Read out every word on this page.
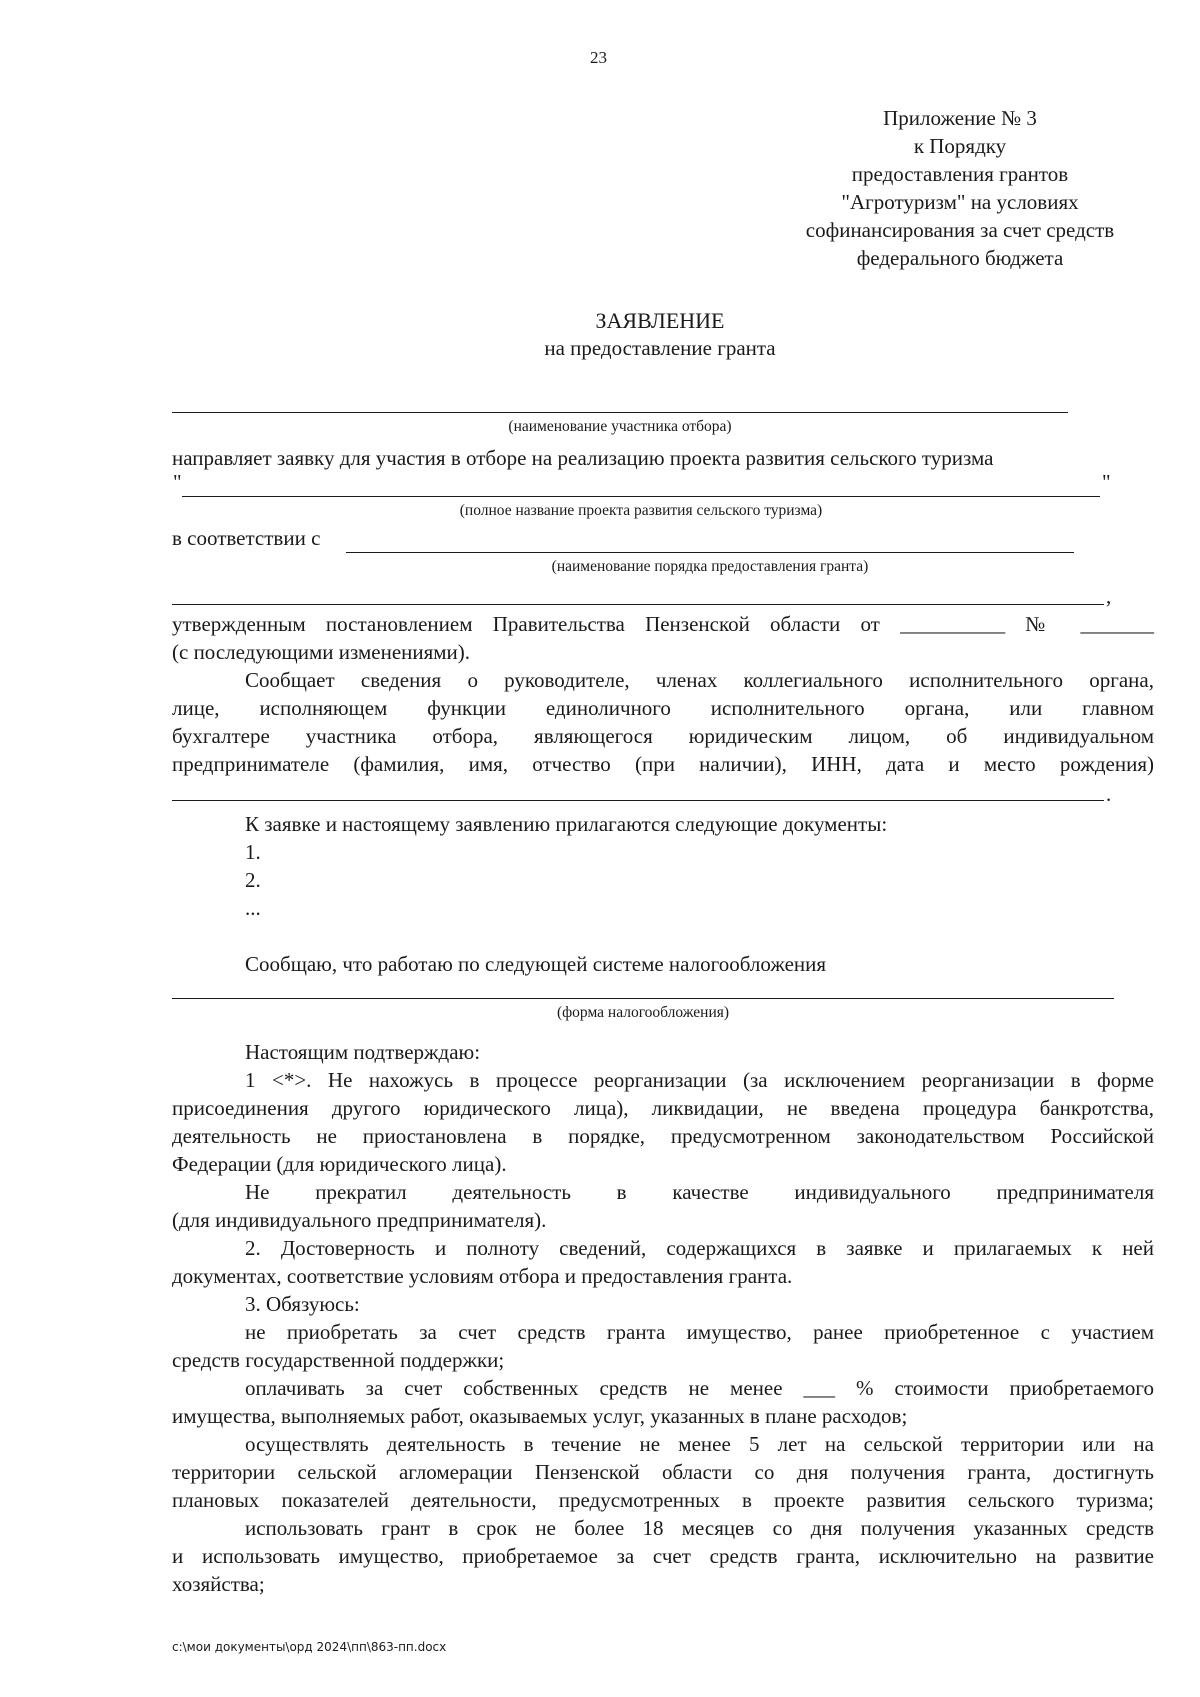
23
Приложение № 3
к Порядку
предоставления грантов
"Агротуризм" на условиях
софинансирования за счет средств
федерального бюджета
ЗАЯВЛЕНИЕ
на предоставление гранта
(наименование участника отбора)
направляет заявку для участия в отборе на реализацию проекта развития сельского туризма
"	"
(полное название проекта развития сельского туризма)
в соответствии с
(наименование порядка предоставления гранта)
,
утвержденным постановлением Правительства Пензенской области от __________ № _______
(с последующими изменениями).
Сообщает сведения о руководителе, членах коллегиального исполнительного органа,
лице, исполняющем функции единоличного исполнительного органа, или главном
бухгалтере участника отбора, являющегося юридическим лицом, об индивидуальном
предпринимателе (фамилия, имя, отчество (при наличии), ИНН, дата и место рождения)
.
К заявке и настоящему заявлению прилагаются следующие документы:
1.
2.
...
Сообщаю, что работаю по следующей системе налогообложения
(форма налогообложения)
Настоящим подтверждаю:
1 <*>. Не нахожусь в процессе реорганизации (за исключением реорганизации в форме
присоединения другого юридического лица), ликвидации, не введена процедура банкротства,
деятельность не приостановлена в порядке, предусмотренном законодательством Российской
Федерации (для юридического лица).
Не прекратил деятельность в качестве индивидуального предпринимателя
(для индивидуального предпринимателя).
2. Достоверность и полноту сведений, содержащихся в заявке и прилагаемых к ней
документах, соответствие условиям отбора и предоставления гранта.
3. Обязуюсь:
не приобретать за счет средств гранта имущество, ранее приобретенное с участием
средств государственной поддержки;
оплачивать за счет собственных средств не менее ___ % стоимости приобретаемого
имущества, выполняемых работ, оказываемых услуг, указанных в плане расходов;
осуществлять деятельность в течение не менее 5 лет на сельской территории или на
территории сельской агломерации Пензенской области со дня получения гранта, достигнуть
плановых показателей деятельности, предусмотренных в проекте развития сельского туризма;
использовать грант в срок не более 18 месяцев со дня получения указанных средств
и использовать имущество, приобретаемое за счет средств гранта, исключительно на развитие
хозяйства;
c:\мои документы\орд 2024\пп\863-пп.docx
